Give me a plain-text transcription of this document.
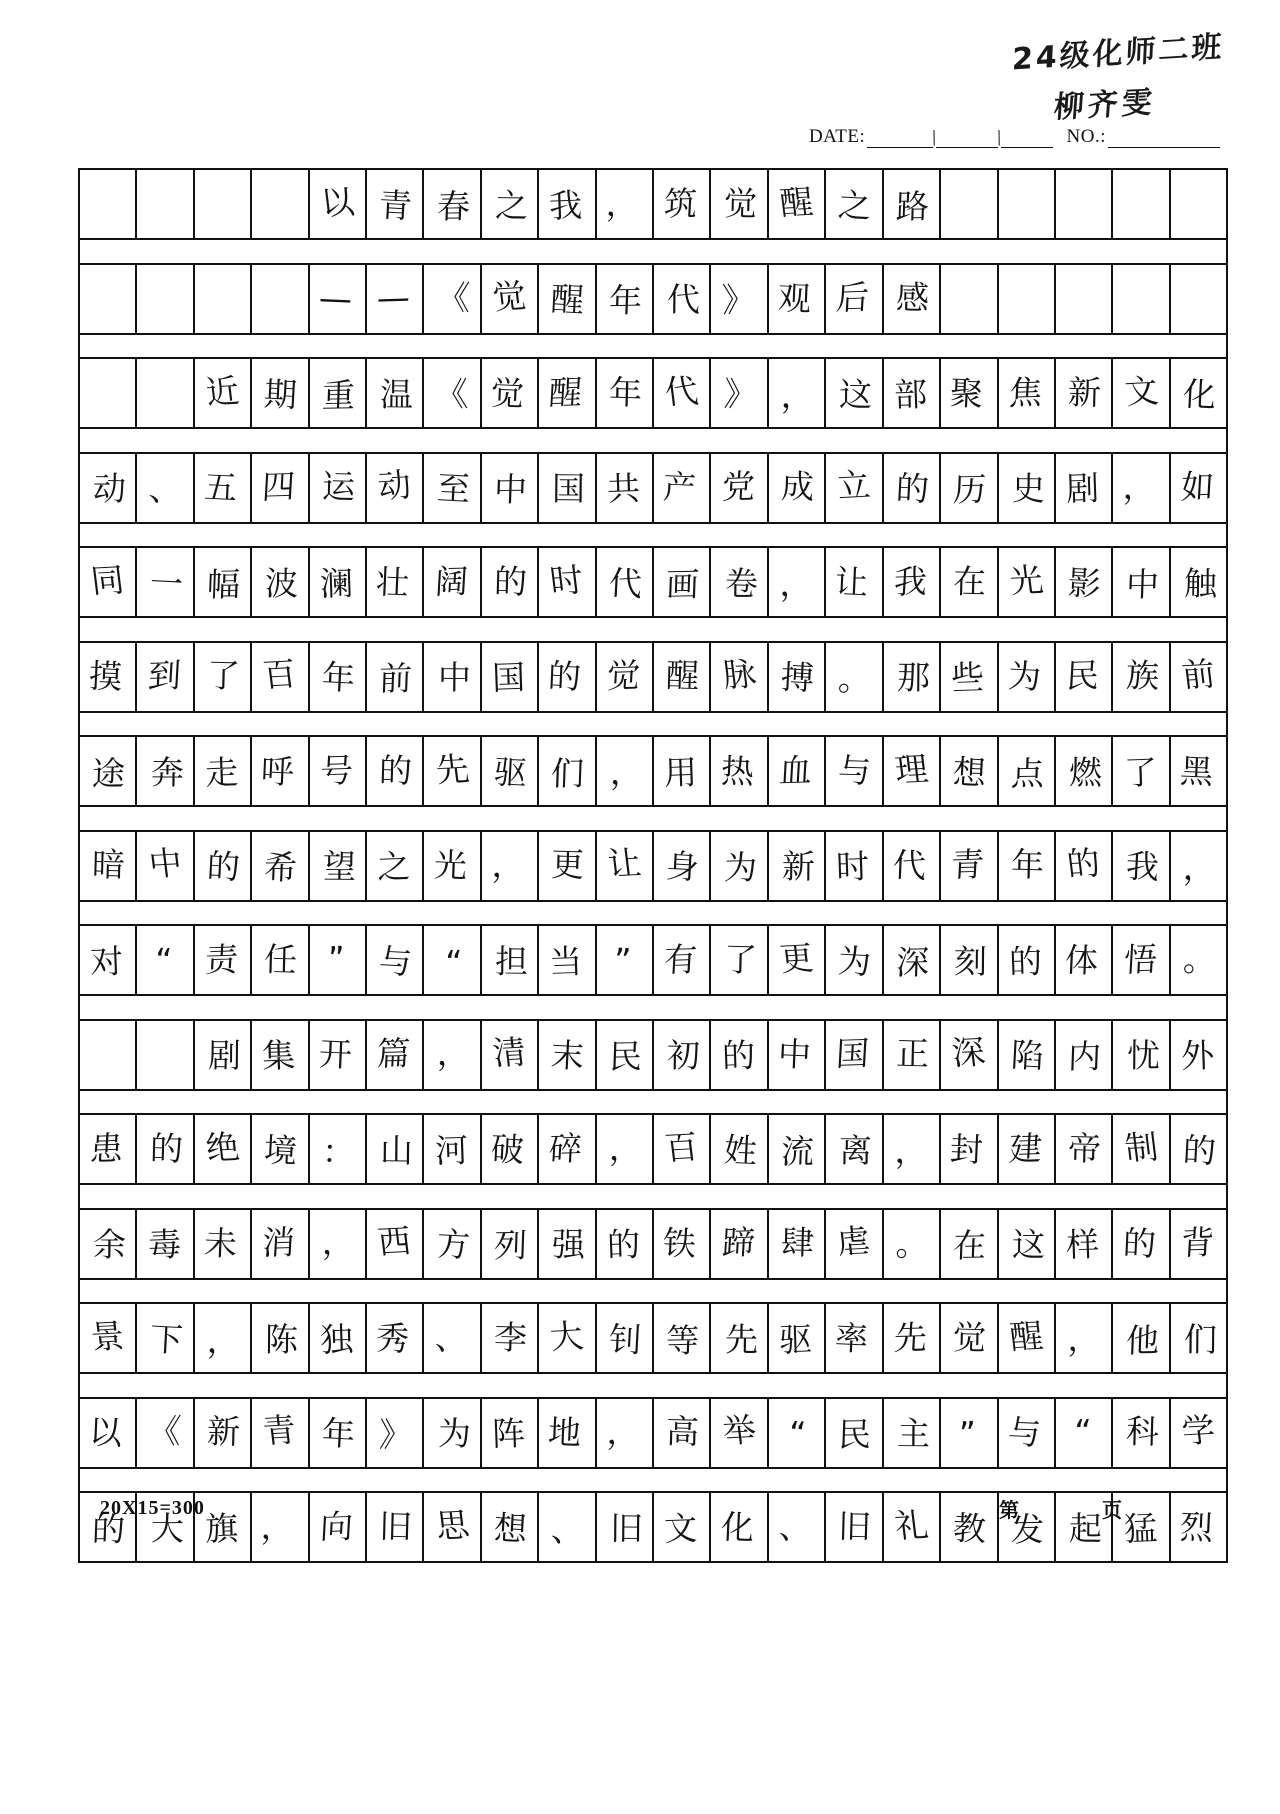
24级化师二班
柳齐雯
DATE:	\ \	NO.:
以 青 春 之 我 ， 筑 觉 醒 之 路
— — 《 觉 醒 年 代 》 观 后 感
近 期 重 温 《 觉 醒 年 代 》 ， 这 部 聚 焦 新 文 化
动 、 五 四 运 动 至 中 国 共 产 党 成 立 的 历 史 剧 ， 如
同 一 幅 波 澜 壮 阔 的 时 代 画 卷 ， 让 我 在 光 影 中 触
摸 到 了 百 年 前 中 国 的 觉 醒 脉 搏 。 那 些 为 民 族 前
途 奔 走 呼 号 的 先 驱 们 ， 用 热 血 与 理 想 点 燃 了 黑
暗 中 的 希 望 之 光 ， 更 让 身 为 新 时 代 青 年 的 我 ，
对 “ 责 任 ” 与 “ 担 当 ” 有 了 更 为 深 刻 的 体 悟 。
剧 集 开 篇 ， 清 末 民 初 的 中 国 正 深 陷 内 忧 外
患 的 绝 境 ： 山 河 破 碎 ， 百 姓 流 离 ， 封 建 帝 制 的
余 毒 未 消 ， 西 方 列 强 的 铁 蹄 肆 虐 。 在 这 样 的 背
景 下 ， 陈 独 秀 、 李 大 钊 等 先 驱 率 先 觉 醒 ， 他 们
以 《 新 青 年 》 为 阵 地 ， 高 举 “ 民 主 ” 与 “ 科 学
的 大 旗 ， 向 旧 思 想 、 旧 文 化 、 旧 礼 教 发 起 猛 烈
20X15=300	第	页
